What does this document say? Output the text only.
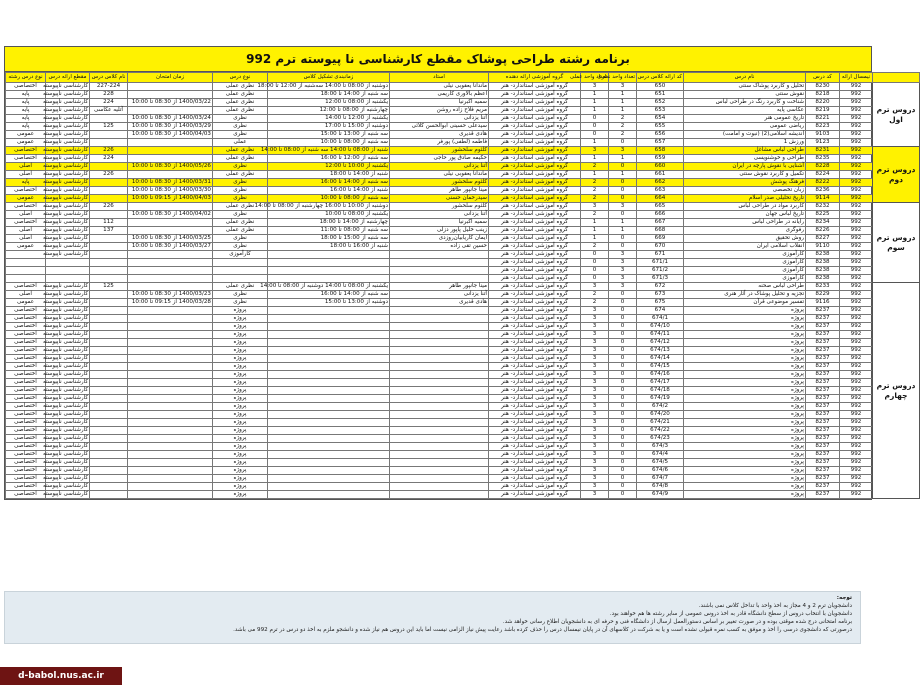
برنامه رشته طراحی پوشاک مقطع کارشناسی نا پیوسته ترم 992
	نیمسال ارائه	کد درس	نام درس	کد ارائه کلاس درس	تعداد واحد نظری	تعداد واحد عملی	گروه آموزشی ارائه دهنده	استاد	زمانبندی تشکیل کلاس	نوع درس	زمان امتحان	نام کلاس درس	مقطع ارائه درس	نوع درس رشته
دروس ترم اول	992	8230	تحلیل و کاربرد پوشاک سنتی	650	3	3	گروه آموزشی استاندارد- هنر	ماندانا یعقوبی نیلی	دوشنبه از 08:00 تا 14:00 سه‌شنبه از 12:00 تا 18:00	نظری عملی		227-224	کارشناسی ناپیوسته	اختصاصی
	992	8218	نقوش سنتی	651	1	1	گروه آموزشی استاندارد- هنر	اعظم بالاوری کاریمی	سه شنبه از 14:00 تا 18:00	نظری عملی		228	کارشناسی ناپیوسته	پایه
	992	8220	شناخت و کاربرد رنگ در طراحی لباس	652	1	1	گروه آموزشی استاندارد- هنر	سمیه اکبرنیا	یکشنبه از 08:00 تا 12:00	نظری عملی	1400/03/22 از 08:30 تا 10:00	224	کارشناسی ناپیوسته	پایه
	992	8219	عکاسی پایه	653	1	1	گروه آموزشی استاندارد- هنر	مریم فلاح زاده روشن	چهارشنبه از 08:00 تا 12:00	نظری عملی		آتلیه عکاسی	کارشناسی ناپیوسته	پایه
	992	8221	تاریخ عمومی هنر	654	2	0	گروه آموزشی استاندارد- هنر	آتنا یزدانی	یکشنبه از 12:00 تا 14:00	نظری	1400/03/24 از 08:30 تا 10:00		کارشناسی ناپیوسته	پایه
	992	8223	ریاضی عمومی	655	2	0	گروه آموزشی استاندارد- هنر	سیدعلی حسینی ابوالحسن کلائی	دوشنبه از 15:00 تا 17:00	نظری	1400/03/29 از 08:30 تا 10:00	125	کارشناسی ناپیوسته	پایه
	992	9103	اندیشه اسلامی(2) (نبوت و امامت)	656	2	0	گروه آموزشی استاندارد- هنر	هادی قدیری	سه شنبه از 13:00 تا 15:00	نظری	1400/04/03 از 08:30 تا 10:00		کارشناسی ناپیوسته	عمومی
	992	9123	ورزش 1	657	0	1	گروه آموزشی استاندارد- هنر	فاطمه (لطفی) پورفر	سه شنبه از 08:00 تا 10:00	عملی			کارشناسی ناپیوسته	عمومی
دروس ترم دوم	992	8231	طراحی لباس مشاغل	658	3	3	گروه آموزشی استاندارد- هنر	کلثوم سلحشور	شنبه از 08:00 تا 14:00 سه شنبه از 08:00 تا 14:00	نظری عملی		226	کارشناسی ناپیوسته	اختصاصی
	992	8235	طراحی و خوشنویسی	659	1	1	گروه آموزشی استاندارد- هنر	حکیمه صادق پور حاجی	سه شنبه از 12:00 تا 16:00	نظری عملی		224	کارشناسی ناپیوسته	اختصاصی
	992	8228	آشنایی با نقوش پارچه در ایران	660	0	2	گروه آموزشی استاندارد- هنر	آتنا یزدانی	یکشنبه از 10:00 تا 12:00	نظری	1400/05/26 از 08:30 تا 10:00		کارشناسی ناپیوسته	اصلی
	992	8224	تکمیل و کاربرد نقوش سنتی	661	1	1	گروه آموزشی استاندارد- هنر	ماندانا یعقوبی نیلی	شنبه از 14:00 تا 18:00	نظری عملی		226	کارشناسی ناپیوسته	اصلی
	992	8222	فرهنگ پوشش	662	0	2	گروه آموزشی استاندارد- هنر	کلثوم سلحشور	سه شنبه از 14:00 تا 16:00	نظری	1400/03/31 از 08:30 تا 10:00		کارشناسی ناپیوسته	پایه
	992	8236	زبان تخصصی	663	0	2	گروه آموزشی استاندارد- هنر	مینا جانپور طاهر	شنبه از 14:00 تا 16:00	نظری	1400/03/30 از 08:30 تا 10:00		کارشناسی ناپیوسته	اختصاصی
	992	9114	تاریخ تحلیلی صدر اسلام	664	0	2	گروه آموزشی استاندارد- هنر	سیدرحمان حسنی	سه شنبه از 08:00 تا 10:00	نظری	1400/04/03 از 09:15 تا 10:00		کارشناسی ناپیوسته	عمومی
دروس ترم سوم	992	8232	کاربرد مواد در طراحی لباس	665	3	3	گروه آموزشی استاندارد- هنر	کلثوم سلحشور	دوشنبه از 10:00 تا 16:00 چهارشنبه از 08:00 تا 14:00	نظری عملی		226	کارشناسی ناپیوسته	اختصاصی
	992	8225	تاریخ لباس جهان	666	0	2	گروه آموزشی استاندارد- هنر	آتنا یزدانی	یکشنبه از 08:00 تا 10:00	نظری	1400/04/02 از 08:30 تا 10:00		کارشناسی ناپیوسته	اصلی
	992	8234	رایانه در طراحی لباس	667	1	1	گروه آموزشی استاندارد- هنر	سمیه اکبرنیا	چهارشنبه از 14:00 تا 18:00	نظری عملی		112	کارشناسی ناپیوسته	اختصاصی
	992	8226	رفوگری	668	1	1	گروه آموزشی استاندارد- هنر	زینب خلیل پاپور دزلی	سه شنبه از 08:00 تا 11:00	نظری عملی		137	کارشناسی ناپیوسته	اصلی
	992	8227	روش تحقیق	669	0	1	گروه آموزشی استاندارد- هنر	ایمان کاریابیان‌روزدی	سه شنبه از 15:00 تا 18:00	نظری	1400/03/25 از 08:30 تا 10:00		کارشناسی ناپیوسته	اصلی
	992	9110	انقلاب اسلامی ایران	670	0	2	گروه آموزشی استاندارد- هنر	حسین تقی زاده	شنبه از 16:00 تا 18:00	نظری	1400/03/27 از 08:30 تا 10:00		کارشناسی ناپیوسته	عمومی
	992	8238	کارآموزی	671	3	0	گروه آموزشی استاندارد- هنر			کارآموزی			کارشناسی ناپیوسته	
	992	8238	کارآموزی	671/1	3	0	گروه آموزشی استاندارد- هنر							
	992	8238	کارآموزی	671/2	3	0	گروه آموزشی استاندارد- هنر							
	992	8238	کارآموزی	671/3	3	0	گروه آموزشی استاندارد- هنر							
دروس ترم چهارم	992	8233	طراحی لباس صحنه	672	3	3	گروه آموزشی استاندارد- هنر	مینا جانپور طاهر	یکشنبه از 08:00 تا 14:00 دوشنبه از 08:00 تا 14:00	نظری عملی		125	کارشناسی ناپیوسته	اختصاصی
	992	8229	تجزیه و تحلیل پوشاک در آثار هنری	673	0	2	گروه آموزشی استاندارد- هنر	آتنا یزدانی	سه شنبه از 14:00 تا 16:00	نظری	1400/03/23 از 08:30 تا 10:00		کارشناسی ناپیوسته	اصلی
	992	9116	تفسیر موضوعی قرآن	675	0	2	گروه آموزشی استاندارد- هنر	هادی قدیری	دوشنبه از 13:00 تا 15:00	نظری	1400/03/28 از 09:15 تا 10:00		کارشناسی ناپیوسته	عمومی
	992	8237	پروژه	674	0	3	گروه آموزشی استاندارد- هنر			پروژه			کارشناسی ناپیوسته	اختصاصی
	992	8237	پروژه	674/1	0	3	گروه آموزشی استاندارد- هنر			پروژه			کارشناسی ناپیوسته	اختصاصی
	992	8237	پروژه	674/10	0	3	گروه آموزشی استاندارد- هنر			پروژه			کارشناسی ناپیوسته	اختصاصی
	992	8237	پروژه	674/11	0	3	گروه آموزشی استاندارد- هنر			پروژه			کارشناسی ناپیوسته	اختصاصی
	992	8237	پروژه	674/12	0	3	گروه آموزشی استاندارد- هنر			پروژه			کارشناسی ناپیوسته	اختصاصی
	992	8237	پروژه	674/13	0	3	گروه آموزشی استاندارد- هنر			پروژه			کارشناسی ناپیوسته	اختصاصی
	992	8237	پروژه	674/14	0	3	گروه آموزشی استاندارد- هنر			پروژه			کارشناسی ناپیوسته	اختصاصی
	992	8237	پروژه	674/15	0	3	گروه آموزشی استاندارد- هنر			پروژه			کارشناسی ناپیوسته	اختصاصی
	992	8237	پروژه	674/16	0	3	گروه آموزشی استاندارد- هنر			پروژه			کارشناسی ناپیوسته	اختصاصی
	992	8237	پروژه	674/17	0	3	گروه آموزشی استاندارد- هنر			پروژه			کارشناسی ناپیوسته	اختصاصی
	992	8237	پروژه	674/18	0	3	گروه آموزشی استاندارد- هنر			پروژه			کارشناسی ناپیوسته	اختصاصی
	992	8237	پروژه	674/19	0	3	گروه آموزشی استاندارد- هنر			پروژه			کارشناسی ناپیوسته	اختصاصی
	992	8237	پروژه	674/2	0	3	گروه آموزشی استاندارد- هنر			پروژه			کارشناسی ناپیوسته	اختصاصی
	992	8237	پروژه	674/20	0	3	گروه آموزشی استاندارد- هنر			پروژه			کارشناسی ناپیوسته	اختصاصی
	992	8237	پروژه	674/21	0	3	گروه آموزشی استاندارد- هنر			پروژه			کارشناسی ناپیوسته	اختصاصی
	992	8237	پروژه	674/22	0	3	گروه آموزشی استاندارد- هنر			پروژه			کارشناسی ناپیوسته	اختصاصی
	992	8237	پروژه	674/23	0	3	گروه آموزشی استاندارد- هنر			پروژه			کارشناسی ناپیوسته	اختصاصی
	992	8237	پروژه	674/3	0	3	گروه آموزشی استاندارد- هنر			پروژه			کارشناسی ناپیوسته	اختصاصی
	992	8237	پروژه	674/4	0	3	گروه آموزشی استاندارد- هنر			پروژه			کارشناسی ناپیوسته	اختصاصی
	992	8237	پروژه	674/5	0	3	گروه آموزشی استاندارد- هنر			پروژه			کارشناسی ناپیوسته	اختصاصی
	992	8237	پروژه	674/6	0	3	گروه آموزشی استاندارد- هنر			پروژه			کارشناسی ناپیوسته	اختصاصی
	992	8237	پروژه	674/7	0	3	گروه آموزشی استاندارد- هنر			پروژه			کارشناسی ناپیوسته	اختصاصی
	992	8237	پروژه	674/8	0	3	گروه آموزشی استاندارد- هنر			پروژه			کارشناسی ناپیوسته	اختصاصی
	992	8237	پروژه	674/9	0	3	گروه آموزشی استاندارد- هنر			پروژه			کارشناسی ناپیوسته	اختصاصی
توجه:
دانشجویان ترم 2 و 4 مجاز به اخذ واحد با تداخل کلاس نمی باشند.
دانشجویان با انتخاب دروس از سطح دانشگاه قادر به اخذ دروس عمومی از سایر رشته ها هم خواهند بود.
برنامه امتحانی درج شده موقتی بوده و در صورت تغییر بر اساس دستورالعمل ارسال از دانشگاه فنی و حرفه ای به دانشجویان اطلاع رسانی خواهد شد.
درصورتی که دانشجوی درسی را اخذ و موفق به کسب نمره قبولی نشده است و یا به شرکت در کلاسهای آن در پایان نیمسال درس را حذف کرده باشد رعایت پیش نیاز الزامی نیست اما باید این دروس هم نیاز شده و دانشجو ملزم به اخذ دو درس در ترم 992 می باشد.
d-babol.nus.ac.ir
